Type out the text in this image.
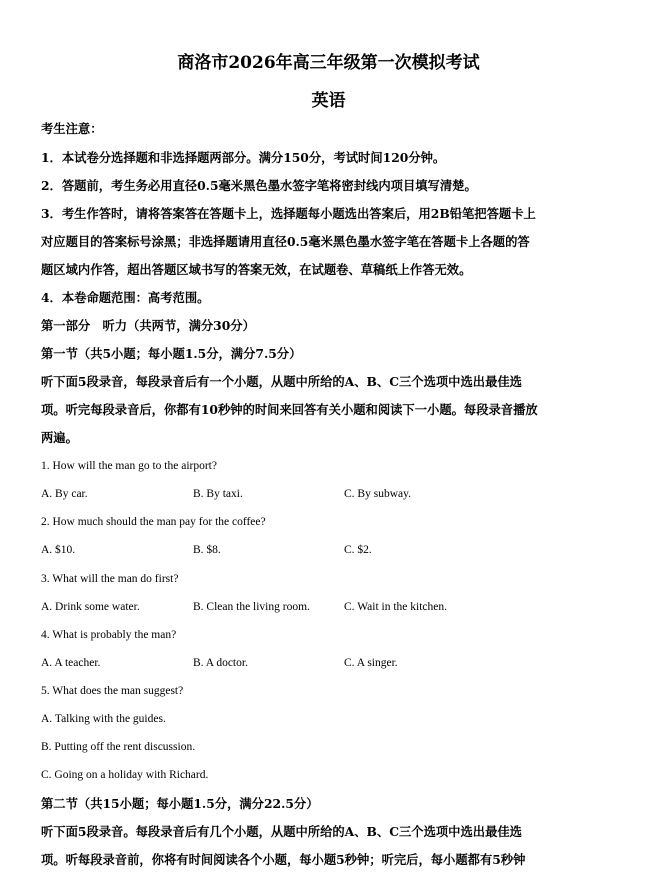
商洛市2026年高三年级第一次模拟考试
英语
考生注意：
1．本试卷分选择题和非选择题两部分。满分150分，考试时间120分钟。
2．答题前，考生务必用直径0.5毫米黑色墨水签字笔将密封线内项目填写清楚。
3．考生作答时，请将答案答在答题卡上，选择题每小题选出答案后，用2B铅笔把答题卡上
对应题目的答案标号涂黑；非选择题请用直径0.5毫米黑色墨水签字笔在答题卡上各题的答
题区域内作答，超出答题区域书写的答案无效，在试题卷、草稿纸上作答无效。
4．本卷命题范围：高考范围。
第一部分　听力（共两节，满分30分）
第一节（共5小题；每小题1.5分，满分7.5分）
听下面5段录音，每段录音后有一个小题，从题中所给的A、B、C三个选项中选出最佳选
项。听完每段录音后，你都有10秒钟的时间来回答有关小题和阅读下一小题。每段录音播放
两遍。
1. How will the man go to the airport?
A. By car.	B. By taxi.	C. By subway.
2. How much should the man pay for the coffee?
A. $10.	B. $8.	C. $2.
3. What will the man do first?
A. Drink some water.	B. Clean the living room.	C. Wait in the kitchen.
4. What is probably the man?
A. A teacher.	B. A doctor.	C. A singer.
5. What does the man suggest?
A. Talking with the guides.
B. Putting off the rent discussion.
C. Going on a holiday with Richard.
第二节（共15小题；每小题1.5分，满分22.5分）
听下面5段录音。每段录音后有几个小题，从题中所给的A、B、C三个选项中选出最佳选
项。听每段录音前，你将有时间阅读各个小题，每小题5秒钟；听完后，每小题都有5秒钟
